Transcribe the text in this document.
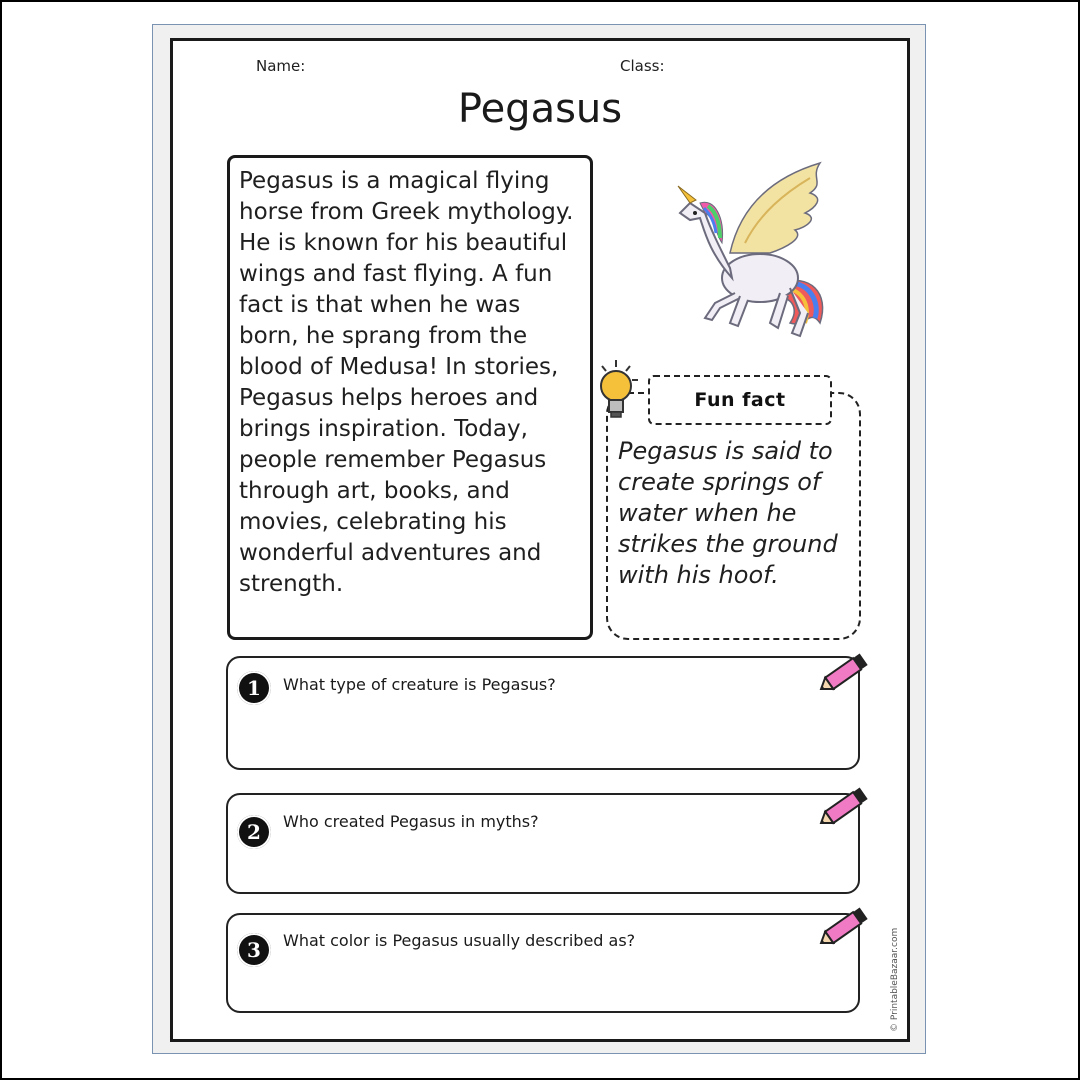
Name:	Class:
Pegasus

Pegasus is a magical flying horse from Greek mythology. He is known for his beautiful wings and fast flying. A fun fact is that when he was born, he sprang from the blood of Medusa! In stories, Pegasus helps heroes and brings inspiration. Today, people remember Pegasus through art, books, and movies, celebrating his wonderful adventures and strength.

Fun fact

Pegasus is said to create springs of water when he strikes the ground with his hoof.

1	What type of creature is Pegasus?
2	Who created Pegasus in myths?
3	What color is Pegasus usually described as?	© PrintableBazaar.com
